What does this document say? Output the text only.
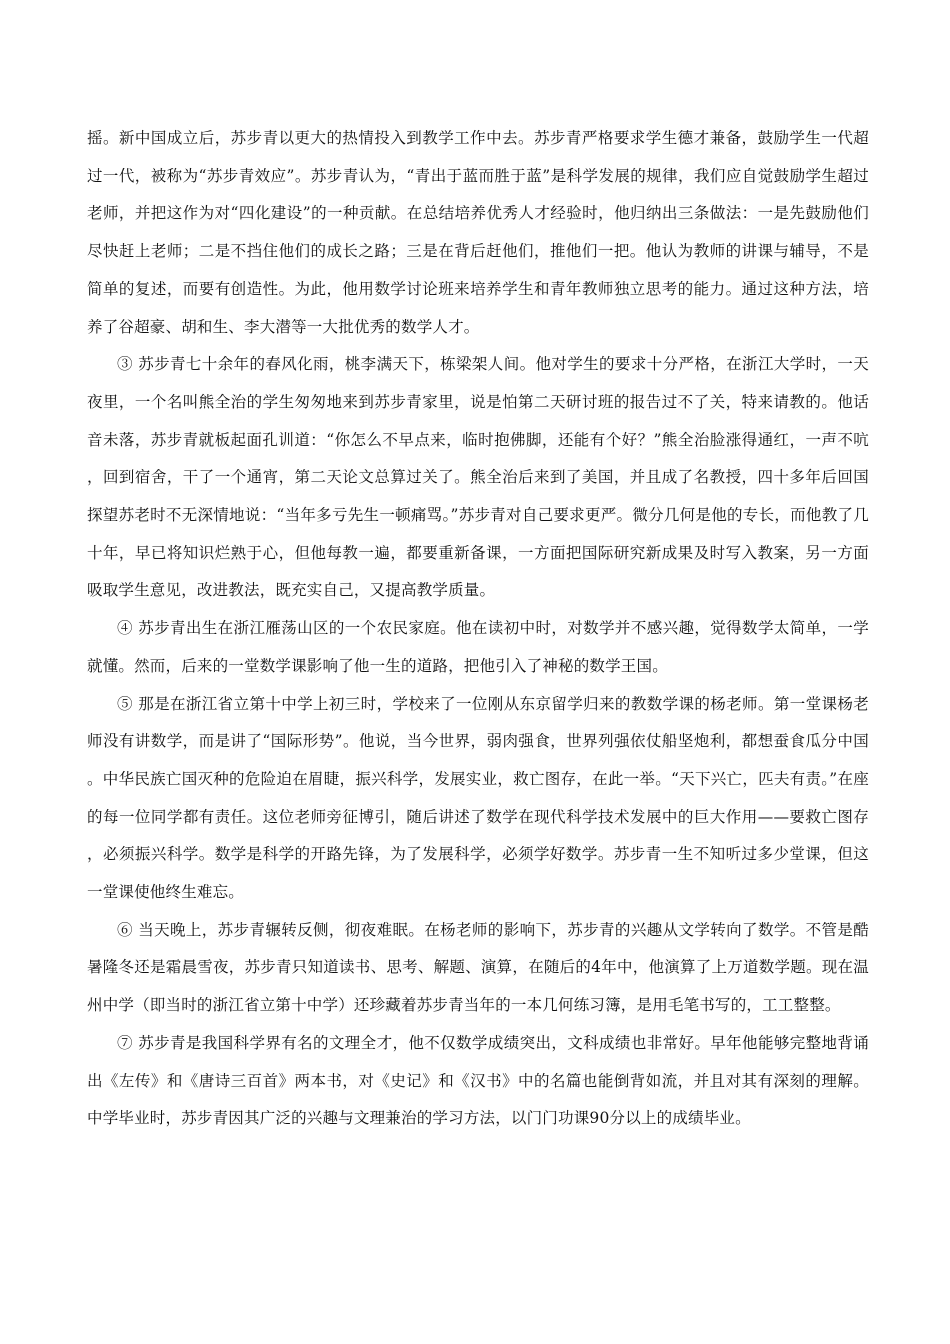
摇。新中国成立后，苏步青以更大的热情投入到教学工作中去。苏步青严格要求学生德才兼备，鼓励学生一代超过一代，被称为“苏步青效应”。苏步青认为，“青出于蓝而胜于蓝”是科学发展的规律，我们应自觉鼓励学生超过老师，并把这作为对“四化建设”的一种贡献。在总结培养优秀人才经验时，他归纳出三条做法：一是先鼓励他们尽快赶上老师；二是不挡住他们的成长之路；三是在背后赶他们，推他们一把。他认为教师的讲课与辅导，不是简单的复述，而要有创造性。为此，他用数学讨论班来培养学生和青年教师独立思考的能力。通过这种方法，培养了谷超豪、胡和生、李大潜等一大批优秀的数学人才。

③ 苏步青七十余年的春风化雨，桃李满天下，栋梁架人间。他对学生的要求十分严格，在浙江大学时，一天夜里，一个名叫熊全治的学生匆匆地来到苏步青家里，说是怕第二天研讨班的报告过不了关，特来请教的。他话音未落，苏步青就板起面孔训道：“你怎么不早点来，临时抱佛脚，还能有个好？”熊全治脸涨得通红，一声不吭，回到宿舍，干了一个通宵，第二天论文总算过关了。熊全治后来到了美国，并且成了名教授，四十多年后回国探望苏老时不无深情地说：“当年多亏先生一顿痛骂。”苏步青对自己要求更严。微分几何是他的专长，而他教了几十年，早已将知识烂熟于心，但他每教一遍，都要重新备课，一方面把国际研究新成果及时写入教案，另一方面吸取学生意见，改进教法，既充实自己，又提高教学质量。

④ 苏步青出生在浙江雁荡山区的一个农民家庭。他在读初中时，对数学并不感兴趣，觉得数学太简单，一学就懂。然而，后来的一堂数学课影响了他一生的道路，把他引入了神秘的数学王国。

⑤ 那是在浙江省立第十中学上初三时，学校来了一位刚从东京留学归来的教数学课的杨老师。第一堂课杨老师没有讲数学，而是讲了“国际形势”。他说，当今世界，弱肉强食，世界列强依仗船坚炮利，都想蚕食瓜分中国。中华民族亡国灭种的危险迫在眉睫，振兴科学，发展实业，救亡图存，在此一举。“天下兴亡，匹夫有责。”在座的每一位同学都有责任。这位老师旁征博引，随后讲述了数学在现代科学技术发展中的巨大作用——要救亡图存，必须振兴科学。数学是科学的开路先锋，为了发展科学，必须学好数学。苏步青一生不知听过多少堂课，但这一堂课使他终生难忘。

⑥ 当天晚上，苏步青辗转反侧，彻夜难眠。在杨老师的影响下，苏步青的兴趣从文学转向了数学。不管是酷暑隆冬还是霜晨雪夜，苏步青只知道读书、思考、解题、演算，在随后的4年中，他演算了上万道数学题。现在温州中学（即当时的浙江省立第十中学）还珍藏着苏步青当年的一本几何练习簿，是用毛笔书写的，工工整整。

⑦ 苏步青是我国科学界有名的文理全才，他不仅数学成绩突出，文科成绩也非常好。早年他能够完整地背诵出《左传》和《唐诗三百首》两本书，对《史记》和《汉书》中的名篇也能倒背如流，并且对其有深刻的理解。中学毕业时，苏步青因其广泛的兴趣与文理兼治的学习方法，以门门功课90分以上的成绩毕业。
